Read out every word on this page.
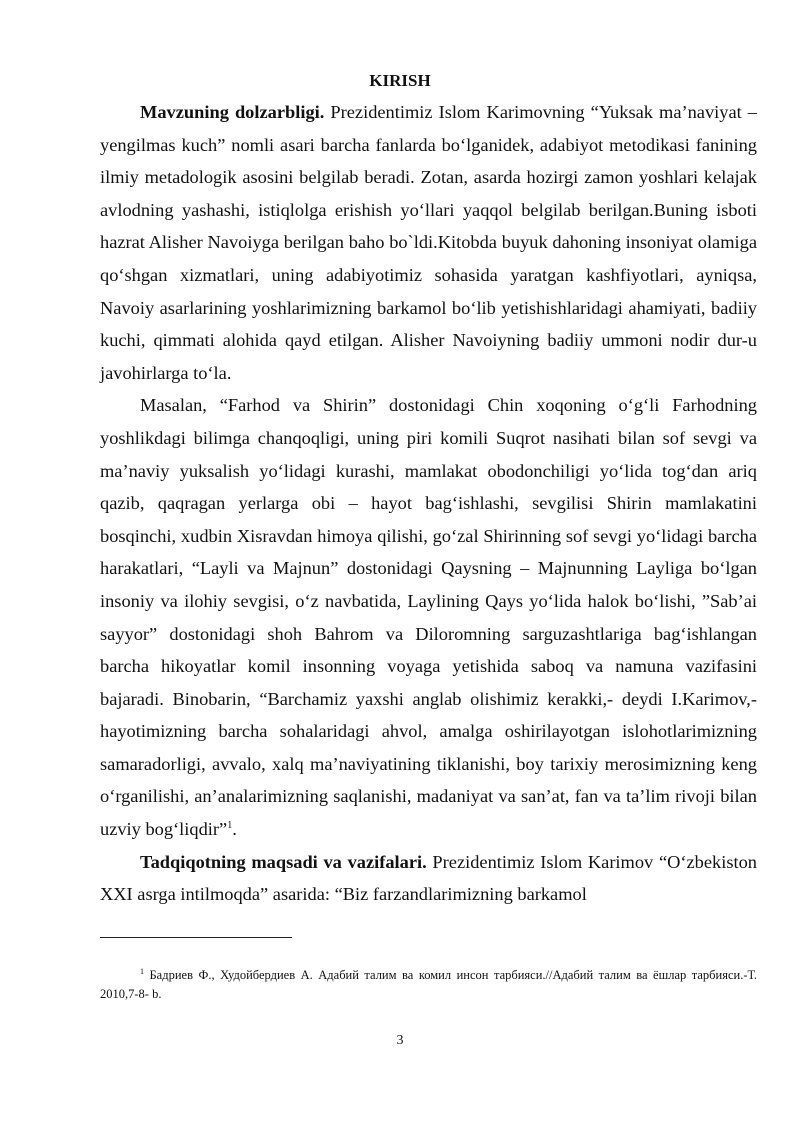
KIRISH

Mavzuning dolzarbligi. Prezidentimiz Islom Karimovning “Yuksak ma’naviyat – yengilmas kuch” nomli asari barcha fanlarda bo‘lganidek, adabiyot metodikasi fanining ilmiy metadologik asosini belgilab beradi. Zotan, asarda hozirgi zamon yoshlari kelajak avlodning yashashi, istiqlolga erishish yo‘llari yaqqol belgilab berilgan.Buning isboti hazrat Alisher Navoiyga berilgan baho bo`ldi.Kitobda buyuk dahoning insoniyat olamiga qo‘shgan xizmatlari, uning adabiyotimiz sohasida yaratgan kashfiyotlari, ayniqsa, Navoiy asarlarining yoshlarimizning barkamol bo‘lib yetishishlaridagi ahamiyati, badiiy kuchi, qimmati alohida qayd etilgan. Alisher Navoiyning badiiy ummoni nodir dur-u javohirlarga to‘la.

Masalan, “Farhod va Shirin” dostonidagi Chin xoqoning o‘g‘li Farhodning yoshlikdagi bilimga chanqoqligi, uning piri komili Suqrot nasihati bilan sof sevgi va ma’naviy yuksalish yo‘lidagi kurashi, mamlakat obodonchiligi yo‘lida tog‘dan ariq qazib, qaqragan yerlarga obi – hayot bag‘ishlashi, sevgilisi Shirin mamlakatini bosqinchi, xudbin Xisravdan himoya qilishi, go‘zal Shirinning sof sevgi yo‘lidagi barcha harakatlari, “Layli va Majnun” dostonidagi Qaysning – Majnunning Layliga bo‘lgan insoniy va ilohiy sevgisi, o‘z navbatida, Laylining Qays yo‘lida halok bo‘lishi, ”Sab’ai sayyor” dostonidagi shoh Bahrom va Diloromning sarguzashtlariga bag‘ishlangan barcha hikoyatlar komil insonning voyaga yetishida saboq va namuna vazifasini bajaradi. Binobarin, “Barchamiz yaxshi anglab olishimiz kerakki,- deydi I.Karimov,- hayotimizning barcha sohalaridagi ahvol, amalga oshirilayotgan islohotlarimizning samaradorligi, avvalo, xalq ma’naviyatining tiklanishi, boy tarixiy merosimizning keng o‘rganilishi, an’analarimizning saqlanishi, madaniyat va san’at, fan va ta’lim rivoji bilan uzviy bog‘liqdir”$^1$.

Tadqiqotning maqsadi va vazifalari. Prezidentimiz Islom Karimov “O‘zbekiston XXI asrga intilmoqda” asarida: “Biz farzandlarimizning barkamol

$^1$ Бадриев Ф., Худойбердиев А. Адабий талим ва комил инсон тарбияси.//Адабий талим ва ёшлар тарбияси.-Т. 2010,7-8- b.

3
